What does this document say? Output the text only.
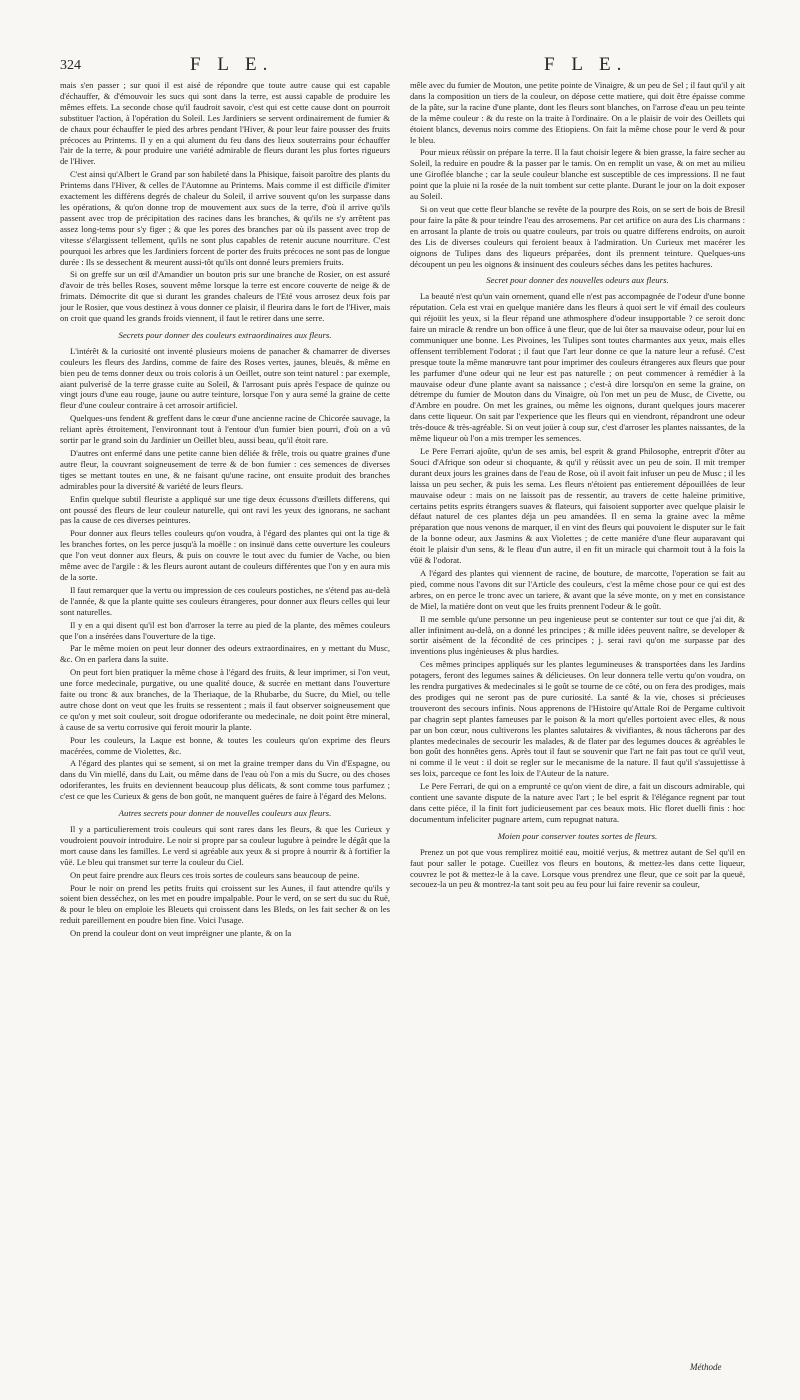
324	F L E.	F L E.

mais s'en passer ; sur quoi il est aisé de répondre que toute autre cause qui est capable d'échauffer, & d'émouvoir les sucs qui sont dans la terre, est aussi capable de produire les mêmes effets. La seconde chose qu'il faudroit savoir, c'est qui est cette cause dont on pourroit substituer l'action, à l'opération du Soleil. Les Jardiniers se servent ordinairement de fumier & de chaux pour échauffer le pied des arbres pendant l'Hiver, & pour leur faire pousser des fruits précoces au Printems. Il y en a qui alument du feu dans des lieux souterrains pour échauffer l'air de la terre, & pour produire une variété admirable de fleurs durant les plus fortes rigueurs de l'Hiver.

C'est ainsi qu'Albert le Grand par son habileté dans la Phisique, faisoit paroître des plants du Printems dans l'Hiver, & celles de l'Automne au Printems. Mais comme il est difficile d'imiter exactement les différens degrés de chaleur du Soleil, il arrive souvent qu'on les surpasse dans les opérations, & qu'on donne trop de mouvement aux sucs de la terre, d'où il arrive qu'ils passent avec trop de précipitation des racines dans les branches, & qu'ils ne s'y arrêtent pas assez long-tems pour s'y figer ; & que les pores des branches par où ils passent avec trop de vitesse s'élargissent tellement, qu'ils ne sont plus capables de retenir aucune nourriture. C'est pourquoi les arbres que les Jardiniers forcent de porter des fruits précoces ne sont pas de longue durée : Ils se dessechent & meurent aussi-tôt qu'ils ont donné leurs premiers fruits.

Si on greffe sur un œil d'Amandier un bouton pris sur une branche de Rosier, on est assuré d'avoir de très belles Roses, souvent même lorsque la terre est encore couverte de neige & de frimats. Démocrite dit que si durant les grandes chaleurs de l'Eté vous arrosez deux fois par jour le Rosier, que vous destinez à vous donner ce plaisir, il fleurira dans le fort de l'Hiver, mais on croit que quand les grands froids viennent, il faut le retirer dans une serre.

Secrets pour donner des couleurs extraordinaires aux fleurs.

L'intérêt & la curiosité ont inventé plusieurs moiens de panacher & chamarrer de diverses couleurs les fleurs des Jardins, comme de faire des Roses vertes, jaunes, bleuës, & même en bien peu de tems donner deux ou trois coloris à un Oeillet, outre son teint naturel : par exemple, aiant pulverisé de la terre grasse cuite au Soleil, & l'arrosant puis après l'espace de quinze ou vingt jours d'une eau rouge, jaune ou autre teinture, lorsque l'on y aura semé la graine de cette fleur d'une couleur contraire à cet arrosoir artificiel.

Quelques-uns fendent & greffent dans le cœur d'une ancienne racine de Chicorée sauvage, la reliant après étroitement, l'environnant tout à l'entour d'un fumier bien pourri, d'où on a vû sortir par le grand soin du Jardinier un Oeillet bleu, aussi beau, qu'il étoit rare.

D'autres ont enfermé dans une petite canne bien déliée & frêle, trois ou quatre graines d'une autre fleur, la couvrant soigneusement de terre & de bon fumier : ces semences de diverses tiges se mettant toutes en une, & ne faisant qu'une racine, ont ensuite produit des branches admirables pour la diversité & variété de leurs fleurs.

Enfin quelque subtil fleuriste a appliqué sur une tige deux écussons d'œillets differens, qui ont poussé des fleurs de leur couleur naturelle, qui ont ravi les yeux des ignorans, ne sachant pas la cause de ces diverses peintures.

Pour donner aux fleurs telles couleurs qu'on voudra, à l'égard des plantes qui ont la tige & les branches fortes, on les perce jusqu'à la moëlle : on insinuë dans cette ouverture les couleurs que l'on veut donner aux fleurs, & puis on couvre le tout avec du fumier de Vache, ou bien même avec de l'argile : & les fleurs auront autant de couleurs différentes que l'on y en aura mis de la sorte.

Il faut remarquer que la vertu ou impression de ces couleurs postiches, ne s'étend pas au-delà de l'année, & que la plante quitte ses couleurs étrangeres, pour donner aux fleurs celles qui leur sont naturelles.

Il y en a qui disent qu'il est bon d'arroser la terre au pied de la plante, des mêmes couleurs que l'on a insérées dans l'ouverture de la tige.

Par le même moien on peut leur donner des odeurs extraordinaires, en y mettant du Musc, &c. On en parlera dans la suite.

On peut fort bien pratiquer la même chose à l'égard des fruits, & leur imprimer, si l'on veut, une force medecinale, purgative, ou une qualité douce, & sucrée en mettant dans l'ouverture faite ou tronc & aux branches, de la Theriaque, de la Rhubarbe, du Sucre, du Miel, ou telle autre chose dont on veut que les fruits se ressentent ; mais il faut observer soigneusement que ce qu'on y met soit couleur, soit drogue odoriferante ou medecinale, ne doit point être mineral, à cause de sa vertu corrosive qui feroit mourir la plante.

Pour les couleurs, la Laque est bonne, & toutes les couleurs qu'on exprime des fleurs macérées, comme de Violettes, &c.

A l'égard des plantes qui se sement, si on met la graine tremper dans du Vin d'Espagne, ou dans du Vin miellé, dans du Lait, ou même dans de l'eau où l'on a mis du Sucre, ou des choses odoriferantes, les fruits en deviennent beaucoup plus délicats, & sont comme tous parfumez ; c'est ce que les Curieux & gens de bon goût, ne manquent guéres de faire à l'égard des Melons.

Autres secrets pour donner de nouvelles couleurs aux fleurs.

Il y a particulierement trois couleurs qui sont rares dans les fleurs, & que les Curieux y voudroient pouvoir introduire. Le noir si propre par sa couleur lugubre à peindre le dégât que la mort cause dans les familles. Le verd si agréable aux yeux & si propre à nourrir & à fortifier la vûë. Le bleu qui transmet sur terre la couleur du Ciel.

On peut faire prendre aux fleurs ces trois sortes de couleurs sans beaucoup de peine.

Pour le noir on prend les petits fruits qui croissent sur les Aunes, il faut attendre qu'ils y soient bien desséchez, on les met en poudre impalpable. Pour le verd, on se sert du suc du Ruë, & pour le bleu on emploie les Bleuets qui croissent dans les Bleds, on les fait secher & on les reduit pareillement en poudre bien fine. Voici l'usage.

On prend la couleur dont on veut impréigner une plante, & on la

mêle avec du fumier de Mouton, une petite pointe de Vinaigre, & un peu de Sel ; il faut qu'il y ait dans la composition un tiers de la couleur, on dépose cette matiere, qui doit être épaisse comme de la pâte, sur la racine d'une plante, dont les fleurs sont blanches, on l'arrose d'eau un peu teinte de la même couleur : & du reste on la traite à l'ordinaire. On a le plaisir de voir des Oeillets qui étoient blancs, devenus noirs comme des Etiopiens. On fait la même chose pour le verd & pour le bleu.

Pour mieux réüssir on prépare la terre. Il la faut choisir legere & bien grasse, la faire secher au Soleil, la reduire en poudre & la passer par le tamis. On en remplit un vase, & on met au milieu une Giroflée blanche ; car la seule couleur blanche est susceptible de ces impressions. Il ne faut point que la pluie ni la rosée de la nuit tombent sur cette plante. Durant le jour on la doit exposer au Soleil.

Si on veut que cette fleur blanche se revête de la pourpre des Rois, on se sert de bois de Bresil pour faire la pâte & pour teindre l'eau des arrosemens. Par cet artifice on aura des Lis charmans : en arrosant la plante de trois ou quatre couleurs, par trois ou quatre differens endroits, on auroit des Lis de diverses couleurs qui feroient beaux à l'admiration. Un Curieux met macérer les oignons de Tulipes dans des liqueurs préparées, dont ils prennent teinture. Quelques-uns découpent un peu les oignons & insinuent des couleurs séches dans les petites hachures.

Secret pour donner des nouvelles odeurs aux fleurs.

La beauté n'est qu'un vain ornement, quand elle n'est pas accompagnée de l'odeur d'une bonne réputation. Cela est vrai en quelque maniére dans les fleurs à quoi sert le vif émail des couleurs qui réjoüit les yeux, si la fleur répand une athmosphere d'odeur insupportable ? ce seroit donc faire un miracle & rendre un bon office à une fleur, que de lui ôter sa mauvaise odeur, pour lui en communiquer une bonne. Les Pivoines, les Tulipes sont toutes charmantes aux yeux, mais elles offensent terriblement l'odorat ; il faut que l'art leur donne ce que la nature leur a refusé. C'est presque toute la même manœuvre tant pour imprimer des couleurs étrangeres aux fleurs que pour les parfumer d'une odeur qui ne leur est pas naturelle ; on peut commencer à remédier à la mauvaise odeur d'une plante avant sa naissance ; c'est-à dire lorsqu'on en seme la graine, on détrempe du fumier de Mouton dans du Vinaigre, où l'on met un peu de Musc, de Civette, ou d'Ambre en poudre. On met les graines, ou même les oignons, durant quelques jours macerer dans cette liqueur. On sait par l'experience que les fleurs qui en viendront, répandront une odeur très-douce & très-agréable. Si on veut joüer à coup sur, c'est d'arroser les plantes naissantes, de la même liqueur où l'on a mis tremper les semences.

Le Pere Ferrari ajoûte, qu'un de ses amis, bel esprit & grand Philosophe, entreprit d'ôter au Souci d'Afrique son odeur si choquante, & qu'il y réüssit avec un peu de soin. Il mit tremper durant deux jours les graines dans de l'eau de Rose, où il avoit fait infuser un peu de Musc ; il les laissa un peu secher, & puis les sema. Les fleurs n'étoient pas entierement dépouillées de leur mauvaise odeur : mais on ne laissoit pas de ressentir, au travers de cette haleine primitive, certains petits esprits étrangers suaves & flateurs, qui faisoient supporter avec quelque plaisir le défaut naturel de ces plantes déja un peu amandées. Il en sema la graine avec la même préparation que nous venons de marquer, il en vint des fleurs qui pouvoient le disputer sur le fait de la bonne odeur, aux Jasmins & aux Violettes ; de cette maniére d'une fleur auparavant qui étoit le plaisir d'un sens, & le fleau d'un autre, il en fit un miracle qui charmoit tout à la fois la vûë & l'odorat.

A l'égard des plantes qui viennent de racine, de bouture, de marcotte, l'operation se fait au pied, comme nous l'avons dit sur l'Article des couleurs, c'est la même chose pour ce qui est des arbres, on en perce le tronc avec un tariere, & avant que la séve monte, on y met en consistance de Miel, la matiére dont on veut que les fruits prennent l'odeur & le goût.

Il me semble qu'une personne un peu ingenieuse peut se contenter sur tout ce que j'ai dit, & aller infiniment au-delà, on a donné les principes ; & mille idées peuvent naître, se developer & sortir aisément de la fécondité de ces principes ; j. serai ravi qu'on me surpasse par des inventions plus ingénieuses & plus hardies.

Ces mêmes principes appliqués sur les plantes legumineuses & transportées dans les Jardins potagers, feront des legumes saines & délicieuses. On leur donnera telle vertu qu'on voudra, on les rendra purgatives & medecinales si le goût se tourne de ce côté, ou on fera des prodiges, mais des prodiges qui ne seront pas de pure curiosité. La santé & la vie, choses si précieuses trouveront des secours infinis. Nous apprenons de l'Histoire qu'Attale Roi de Pergame cultivoit par chagrin sept plantes fameuses par le poison & la mort qu'elles portoient avec elles, & nous par un bon cœur, nous cultiverons les plantes salutaires & vivifiantes, & nous tâcherons par des plantes medecinales de secourir les malades, & de flater par des legumes douces & agréables le bon goût des honnêtes gens. Après tout il faut se souvenir que l'art ne fait pas tout ce qu'il veut, ni comme il le veut : il doit se regler sur le mecanisme de la nature. Il faut qu'il s'assujettisse à ses loix, parceque ce font les loix de l'Auteur de la nature.

Le Pere Ferrari, de qui on a emprunté ce qu'on vient de dire, a fait un discours admirable, qui contient une savante dispute de la nature avec l'art ; le bel esprit & l'élégance regnent par tout dans cette piéce, il la finit fort judicieusement par ces beaux mots. Hic floret duelli finis : hoc documentum infeliciter pugnare artem, cum repugnat natura.

Moien pour conserver toutes sortes de fleurs.

Prenez un pot que vous remplirez moitié eau, moitié verjus, & mettrez autant de Sel qu'il en faut pour saller le potage. Cueillez vos fleurs en boutons, & mettez-les dans cette liqueur, couvrez le pot & mettez-le à la cave. Lorsque vous prendrez une fleur, que ce soit par la queuë, secouez-la un peu & montrez-la tant soit peu au feu pour lui faire revenir sa couleur,

Méthode
